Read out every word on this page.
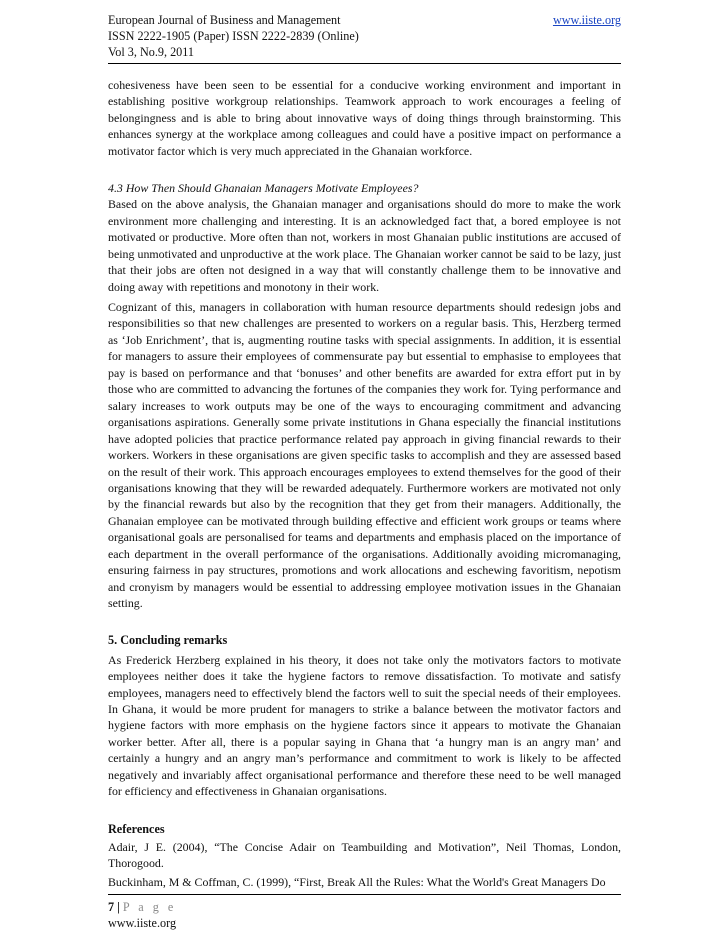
European Journal of Business and Management	www.iiste.org
ISSN 2222-1905 (Paper) ISSN 2222-2839 (Online)
Vol 3, No.9, 2011

cohesiveness have been seen to be essential for a conducive working environment and important in establishing positive workgroup relationships. Teamwork approach to work encourages a feeling of belongingness and is able to bring about innovative ways of doing things through brainstorming. This enhances synergy at the workplace among colleagues and could have a positive impact on performance a motivator factor which is very much appreciated in the Ghanaian workforce.

4.3 How Then Should Ghanaian Managers Motivate Employees?

Based on the above analysis, the Ghanaian manager and organisations should do more to make the work environment more challenging and interesting. It is an acknowledged fact that, a bored employee is not motivated or productive. More often than not, workers in most Ghanaian public institutions are accused of being unmotivated and unproductive at the work place. The Ghanaian worker cannot be said to be lazy, just that their jobs are often not designed in a way that will constantly challenge them to be innovative and doing away with repetitions and monotony in their work.

Cognizant of this, managers in collaboration with human resource departments should redesign jobs and responsibilities so that new challenges are presented to workers on a regular basis. This, Herzberg termed as ‘Job Enrichment’, that is, augmenting routine tasks with special assignments. In addition, it is essential for managers to assure their employees of commensurate pay but essential to emphasise to employees that pay is based on performance and that ‘bonuses’ and other benefits are awarded for extra effort put in by those who are committed to advancing the fortunes of the companies they work for. Tying performance and salary increases to work outputs may be one of the ways to encouraging commitment and advancing organisations aspirations. Generally some private institutions in Ghana especially the financial institutions have adopted policies that practice performance related pay approach in giving financial rewards to their workers. Workers in these organisations are given specific tasks to accomplish and they are assessed based on the result of their work. This approach encourages employees to extend themselves for the good of their organisations knowing that they will be rewarded adequately. Furthermore workers are motivated not only by the financial rewards but also by the recognition that they get from their managers. Additionally, the Ghanaian employee can be motivated through building effective and efficient work groups or teams where organisational goals are personalised for teams and departments and emphasis placed on the importance of each department in the overall performance of the organisations. Additionally avoiding micromanaging, ensuring fairness in pay structures, promotions and work allocations and eschewing favoritism, nepotism and cronyism by managers would be essential to addressing employee motivation issues in the Ghanaian setting.

5. Concluding remarks

As Frederick Herzberg explained in his theory, it does not take only the motivators factors to motivate employees neither does it take the hygiene factors to remove dissatisfaction. To motivate and satisfy employees, managers need to effectively blend the factors well to suit the special needs of their employees. In Ghana, it would be more prudent for managers to strike a balance between the motivator factors and hygiene factors with more emphasis on the hygiene factors since it appears to motivate the Ghanaian worker better. After all, there is a popular saying in Ghana that ‘a hungry man is an angry man’ and certainly a hungry and an angry man’s performance and commitment to work is likely to be affected negatively and invariably affect organisational performance and therefore these need to be well managed for efficiency and effectiveness in Ghanaian organisations.

References

Adair, J E. (2004), “The Concise Adair on Teambuilding and Motivation”, Neil Thomas, London, Thorogood.

Buckinham, M & Coffman, C. (1999), “First, Break All the Rules: What the World's Great Managers Do

7 | P a g e
www.iiste.org
